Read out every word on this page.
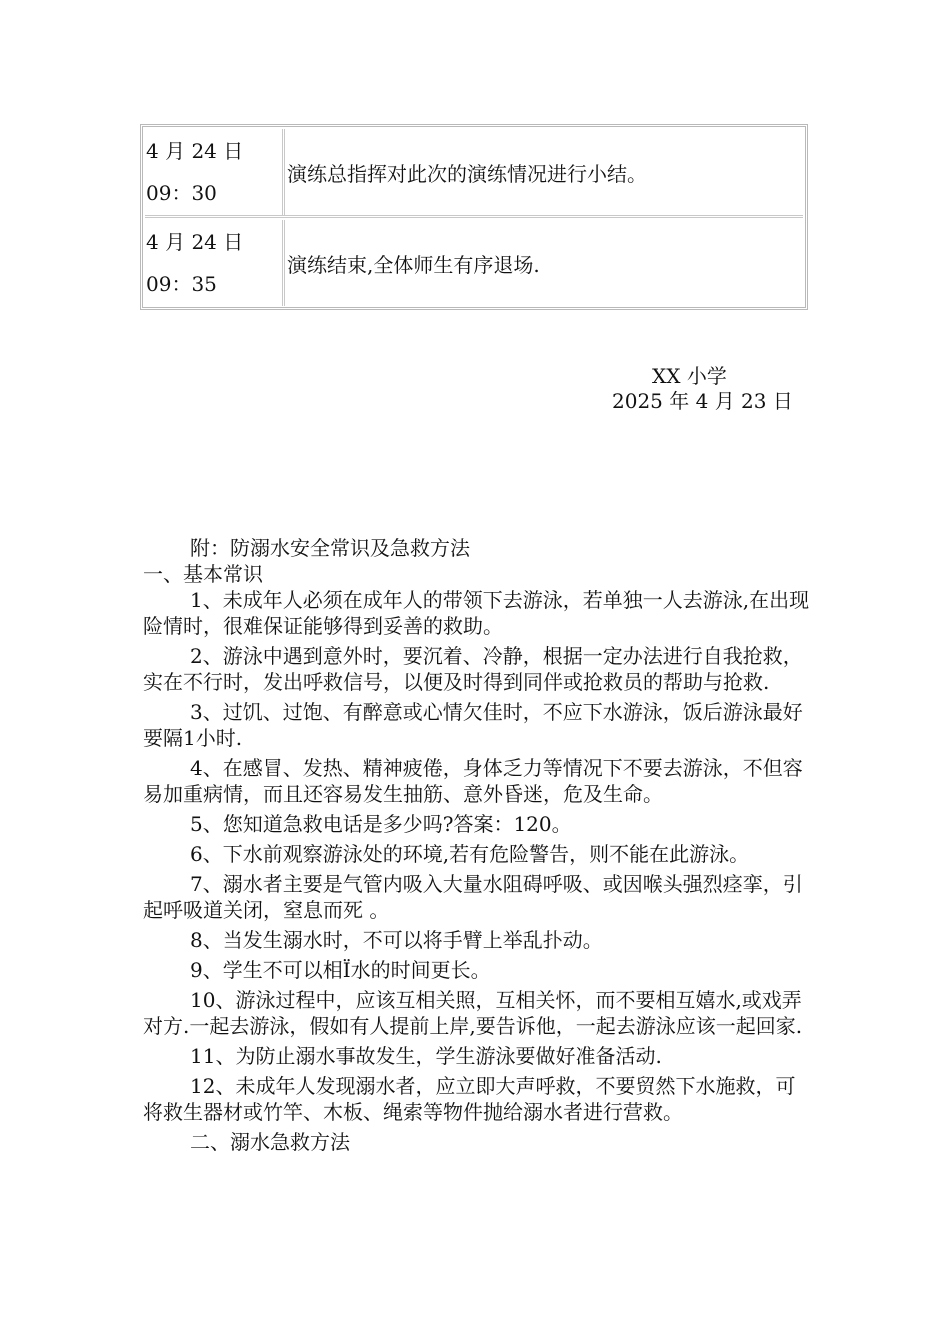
4 月 24 日
09：30
演练总指挥对此次的演练情况进行小结。
4 月 24 日
09：35
演练结束,全体师生有序退场.
XX 小学
2025 年 4 月 23 日
附：防溺水安全常识及急救方法
一、基本常识
1、未成年人必须在成年人的带领下去游泳，若单独一人去游泳,在出现险情时，很难保证能够得到妥善的救助。
2、游泳中遇到意外时，要沉着、冷静，根据一定办法进行自我抢救，实在不行时，发出呼救信号，以便及时得到同伴或抢救员的帮助与抢救.
3、过饥、过饱、有醉意或心情欠佳时，不应下水游泳，饭后游泳最好要隔1小时.
4、在感冒、发热、精神疲倦，身体乏力等情况下不要去游泳，不但容易加重病情，而且还容易发生抽筋、意外昏迷，危及生命。
5、您知道急救电话是多少吗?答案：120。
6、下水前观察游泳处的环境,若有危险警告，则不能在此游泳。
7、溺水者主要是气管内吸入大量水阻碍呼吸、或因喉头强烈痉挛，引起呼吸道关闭，窒息而死 。
8、当发生溺水时，不可以将手臂上举乱扑动。
9、学生不可以相Ï水的时间更长。
10、游泳过程中，应该互相关照，互相关怀，而不要相互嬉水,或戏弄对方.一起去游泳，假如有人提前上岸,要告诉他，一起去游泳应该一起回家.
11、为防止溺水事故发生，学生游泳要做好准备活动.
12、未成年人发现溺水者，应立即大声呼救，不要贸然下水施救，可将救生器材或竹竿、木板、绳索等物件抛给溺水者进行营救。
二、溺水急救方法
